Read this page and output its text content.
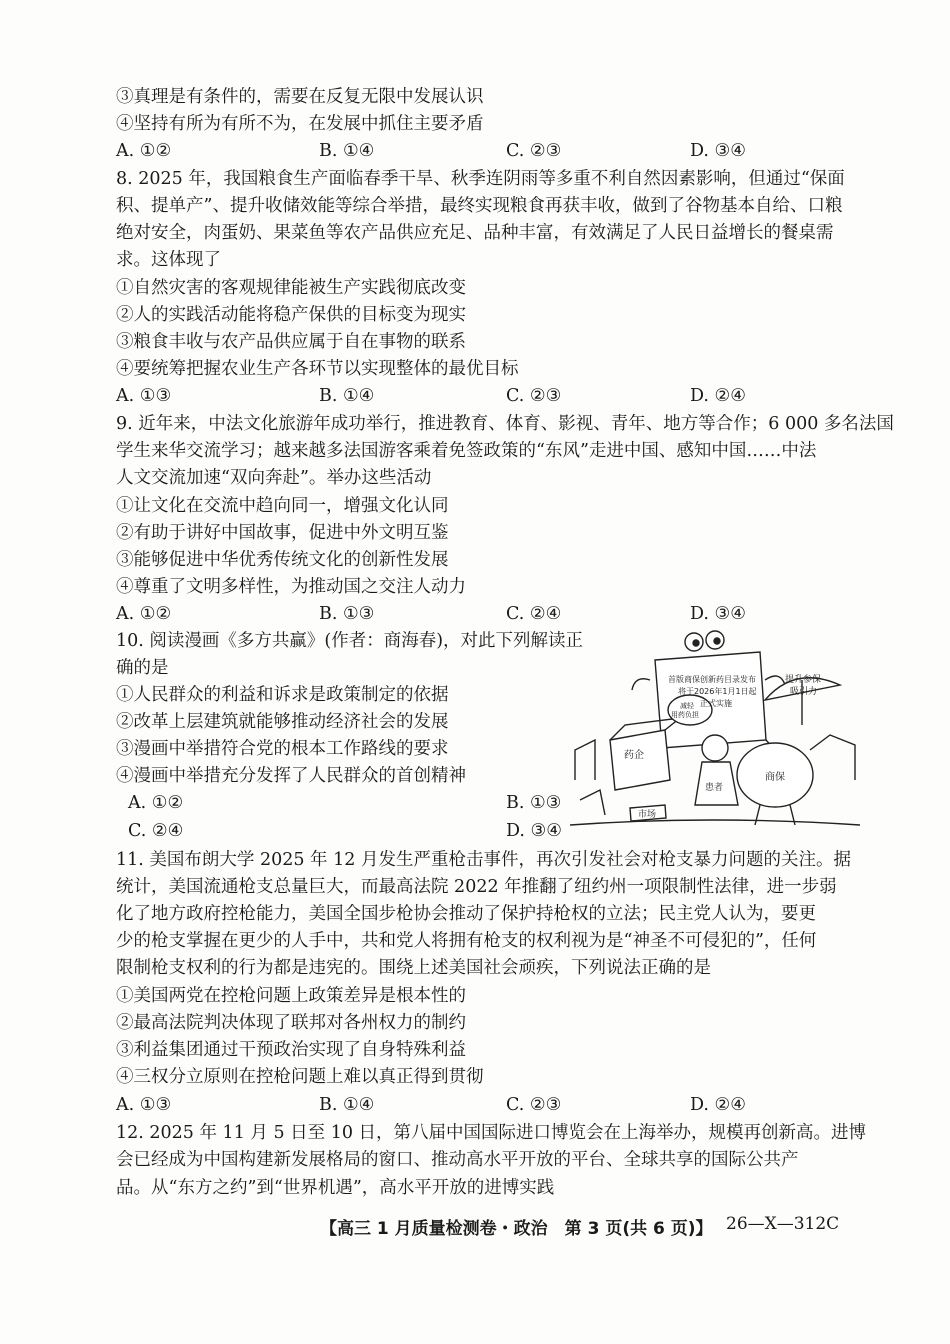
③真理是有条件的，需要在反复无限中发展认识
④坚持有所为有所不为，在发展中抓住主要矛盾
A. ①②	B. ①④	C. ②③	D. ③④
8. 2025 年，我国粮食生产面临春季干旱、秋季连阴雨等多重不利自然因素影响，但通过“保面
积、提单产”、提升收储效能等综合举措，最终实现粮食再获丰收，做到了谷物基本自给、口粮
绝对安全，肉蛋奶、果菜鱼等农产品供应充足、品种丰富，有效满足了人民日益增长的餐桌需
求。这体现了
①自然灾害的客观规律能被生产实践彻底改变
②人的实践活动能将稳产保供的目标变为现实
③粮食丰收与农产品供应属于自在事物的联系
④要统筹把握农业生产各环节以实现整体的最优目标
A. ①③	B. ①④	C. ②③	D. ②④
9. 近年来，中法文化旅游年成功举行，推进教育、体育、影视、青年、地方等合作；6 000 多名法国
学生来华交流学习；越来越多法国游客乘着免签政策的“东风”走进中国、感知中国……中法
人文交流加速“双向奔赴”。举办这些活动
①让文化在交流中趋向同一，增强文化认同
②有助于讲好中国故事，促进中外文明互鉴
③能够促进中华优秀传统文化的创新性发展
④尊重了文明多样性，为推动国之交注人动力
A. ①②	B. ①③	C. ②④	D. ③④
10. 阅读漫画《多方共赢》(作者：商海春)，对此下列解读正
确的是
①人民群众的利益和诉求是政策制定的依据
②改革上层建筑就能够推动经济社会的发展
③漫画中举措符合党的根本工作路线的要求
④漫画中举措充分发挥了人民群众的首创精神
A. ①②	B. ①③
C. ②④	D. ③④
首版商保创新药目录发布
将于2026年1月1日起
正式实施
提升参保
吸引力
减轻
用药负担
药企
患者
商保
市场
11. 美国布朗大学 2025 年 12 月发生严重枪击事件，再次引发社会对枪支暴力问题的关注。据
统计，美国流通枪支总量巨大，而最高法院 2022 年推翻了纽约州一项限制性法律，进一步弱
化了地方政府控枪能力，美国全国步枪协会推动了保护持枪权的立法；民主党人认为，要更
少的枪支掌握在更少的人手中，共和党人将拥有枪支的权利视为是“神圣不可侵犯的”，任何
限制枪支权利的行为都是违宪的。围绕上述美国社会顽疾，下列说法正确的是
①美国两党在控枪问题上政策差异是根本性的
②最高法院判决体现了联邦对各州权力的制约
③利益集团通过干预政治实现了自身特殊利益
④三权分立原则在控枪问题上难以真正得到贯彻
A. ①③	B. ①④	C. ②③	D. ②④
12. 2025 年 11 月 5 日至 10 日，第八届中国国际进口博览会在上海举办，规模再创新高。进博
会已经成为中国构建新发展格局的窗口、推动高水平开放的平台、全球共享的国际公共产
品。从“东方之约”到“世界机遇”，高水平开放的进博实践
【高三 1 月质量检测卷・政治　第 3 页(共 6 页)】 26—X—312C
